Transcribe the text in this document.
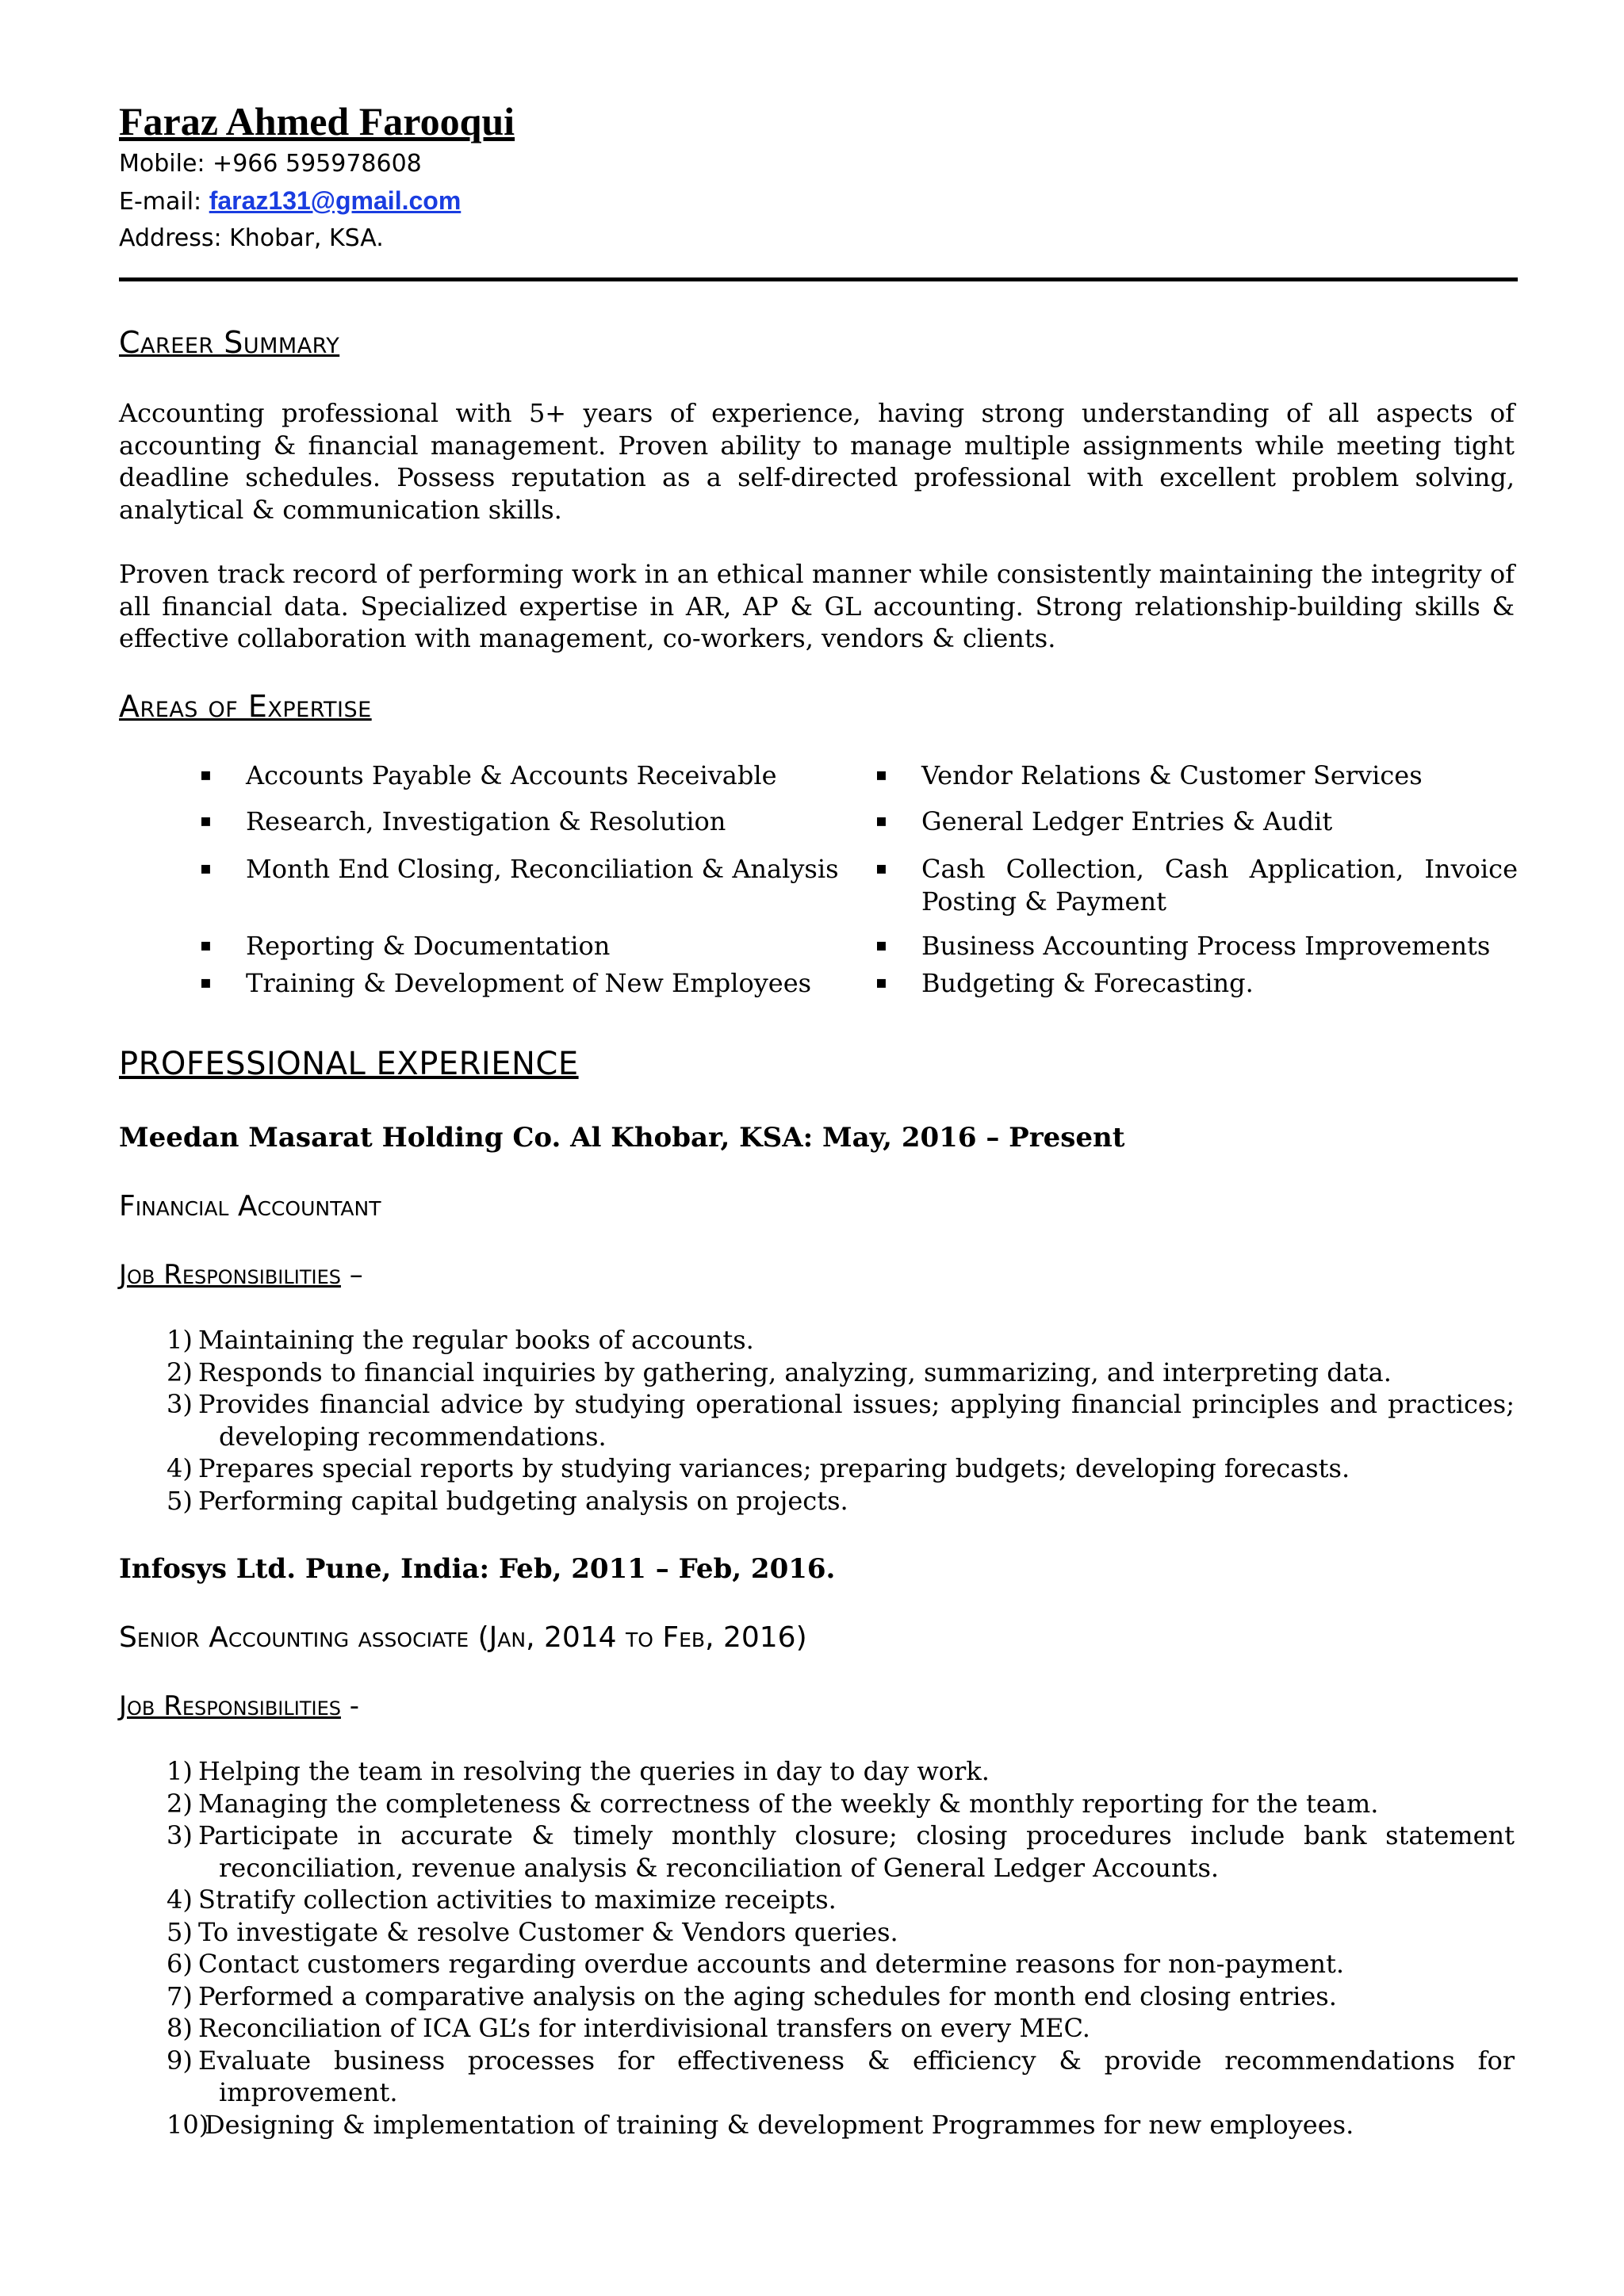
Faraz Ahmed Farooqui
Mobile: +966 595978608
E-mail: faraz131@gmail.com
Address: Khobar, KSA.
Career Summary
Accounting professional with 5+ years of experience, having strong understanding of all aspects of accounting & financial management. Proven ability to manage multiple assignments while meeting tight deadline schedules. Possess reputation as a self-directed professional with excellent problem solving, analytical & communication skills.
Proven track record of performing work in an ethical manner while consistently maintaining the integrity of all financial data. Specialized expertise in AR, AP & GL accounting. Strong relationship-building skills & effective collaboration with management, co-workers, vendors & clients.
Areas of Expertise
▪	Accounts Payable & Accounts Receivable
▪	Research, Investigation & Resolution
▪	Month End Closing, Reconciliation & Analysis
▪	Reporting & Documentation
▪	Training & Development of New Employees
▪	Vendor Relations & Customer Services
▪	General Ledger Entries & Audit
▪	Cash Collection, Cash Application, Invoice Posting & Payment
▪	Business Accounting Process Improvements
▪	Budgeting & Forecasting.
PROFESSIONAL EXPERIENCE
Meedan Masarat Holding Co. Al Khobar, KSA: May, 2016 – Present
Financial Accountant
Job Responsibilities –
1) Maintaining the regular books of accounts.
2) Responds to financial inquiries by gathering, analyzing, summarizing, and interpreting data.
3) Provides financial advice by studying operational issues; applying financial principles and practices; developing recommendations.
4) Prepares special reports by studying variances; preparing budgets; developing forecasts.
5) Performing capital budgeting analysis on projects.
Infosys Ltd. Pune, India: Feb, 2011 – Feb, 2016.
Senior Accounting associate (Jan, 2014 to Feb, 2016)
Job Responsibilities -
1) Helping the team in resolving the queries in day to day work.
2) Managing the completeness & correctness of the weekly & monthly reporting for the team.
3) Participate in accurate & timely monthly closure; closing procedures include bank statement reconciliation, revenue analysis & reconciliation of General Ledger Accounts.
4) Stratify collection activities to maximize receipts.
5) To investigate & resolve Customer & Vendors queries.
6) Contact customers regarding overdue accounts and determine reasons for non-payment.
7) Performed a comparative analysis on the aging schedules for month end closing entries.
8) Reconciliation of ICA GL’s for interdivisional transfers on every MEC.
9) Evaluate business processes for effectiveness & efficiency & provide recommendations for improvement.
10)
Designing & implementation of training & development Programmes for new employees.
